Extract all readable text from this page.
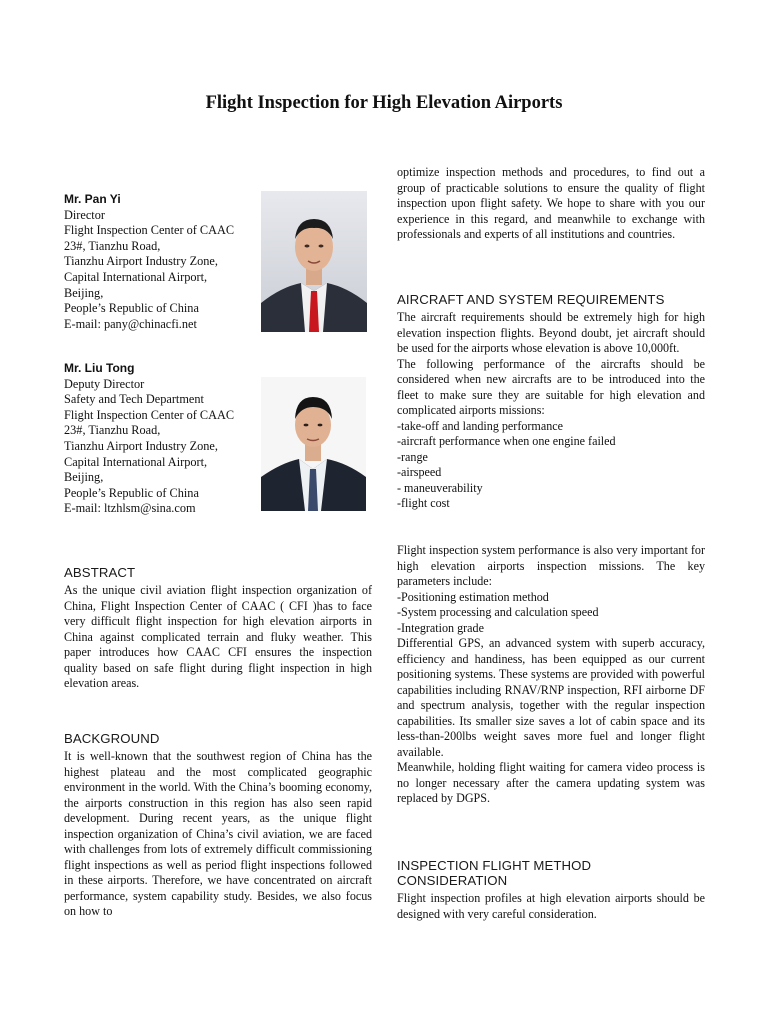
Flight Inspection for High Elevation Airports
Mr. Pan Yi
Director
Flight Inspection Center of CAAC
23#, Tianzhu Road,
Tianzhu Airport Industry Zone,
Capital International Airport,
Beijing,
People’s Republic of China
E-mail: pany@chinacfi.net
Mr. Liu Tong
Deputy Director
Safety and Tech Department
Flight Inspection Center of CAAC
23#, Tianzhu Road,
Tianzhu Airport Industry Zone,
Capital International Airport,
Beijing,
People’s Republic of China
E-mail: ltzhlsm@sina.com
ABSTRACT

As the unique civil aviation flight inspection organization of China, Flight Inspection Center of CAAC ( CFI )has to face very difficult flight inspection for high elevation airports in China against complicated terrain and fluky weather. This paper introduces how CAAC CFI ensures the inspection quality based on safe flight during flight inspection in high elevation areas.

BACKGROUND

It is well-known that the southwest region of China has the highest plateau and the most complicated geographic environment in the world. With the China’s booming economy, the airports construction in this region has also seen rapid development. During recent years, as the unique flight inspection organization of China’s civil aviation, we are faced with challenges from lots of extremely difficult commissioning flight inspections as well as period flight inspections followed in these airports. Therefore, we have concentrated on aircraft performance, system capability study. Besides, we also focus on how to

optimize inspection methods and procedures, to find out a group of practicable solutions to ensure the quality of flight inspection upon flight safety. We hope to share with you our experience in this regard, and meanwhile to exchange with professionals and experts of all institutions and countries.

AIRCRAFT AND SYSTEM REQUIREMENTS

The aircraft requirements should be extremely high for high elevation inspection flights. Beyond doubt, jet aircraft should be used for the airports whose elevation is above 10,000ft.

The following performance of the aircrafts should be considered when new aircrafts are to be introduced into the fleet to make sure they are suitable for high elevation and complicated airports missions:

-take-off and landing performance

-aircraft performance when one engine failed

-range

-airspeed

- maneuverability

-flight cost

Flight inspection system performance is also very important for high elevation airports inspection missions. The key parameters include:

-Positioning estimation method

-System processing and calculation speed

-Integration grade

Differential GPS, an advanced system with superb accuracy, efficiency and handiness, has been equipped as our current positioning systems. These systems are provided with powerful capabilities including RNAV/RNP inspection, RFI airborne DF and spectrum analysis, together with the regular inspection capabilities. Its smaller size saves a lot of cabin space and its less-than-200lbs weight saves more fuel and longer flight available.

Meanwhile, holding flight waiting for camera video process is no longer necessary after the camera updating system was replaced by DGPS.

INSPECTION FLIGHT METHOD CONSIDERATION

Flight inspection profiles at high elevation airports should be designed with very careful consideration.
